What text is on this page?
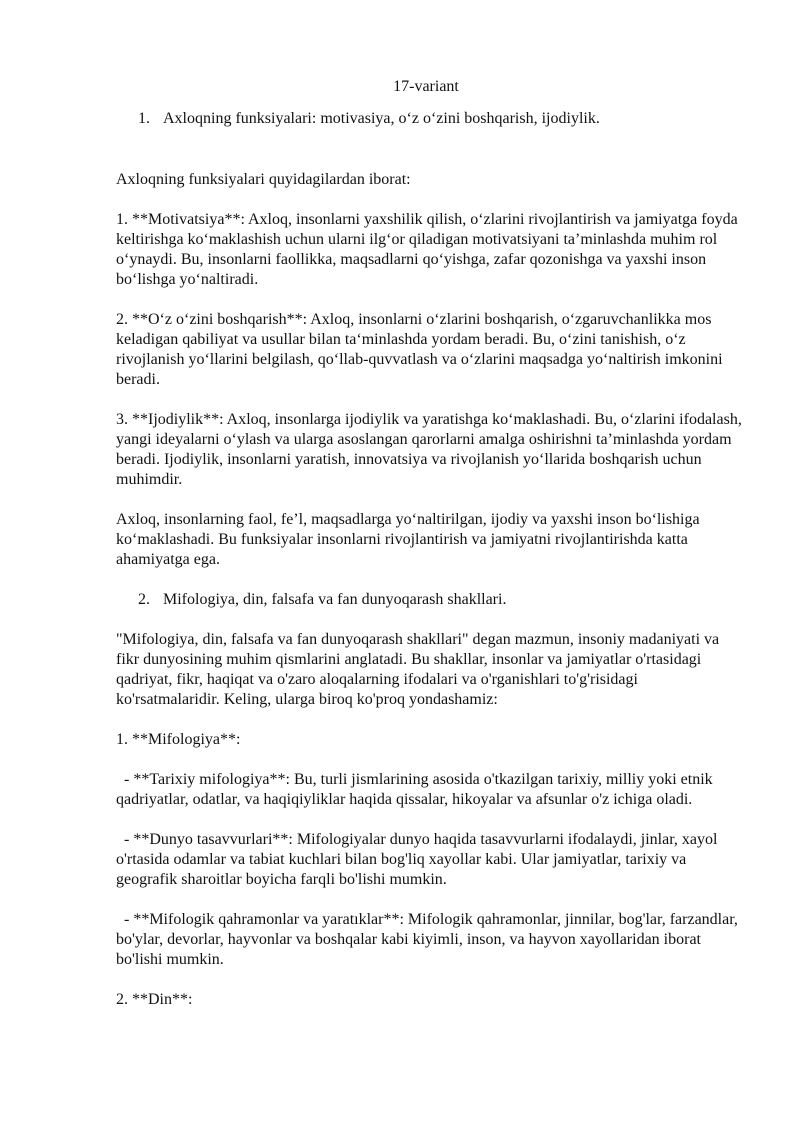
17-variant

1. Axloqning funksiyalari: motivasiya, o‘z o‘zini boshqarish, ijodiylik.

Axloqning funksiyalari quyidagilardan iborat:

1. **Motivatsiya**: Axloq, insonlarni yaxshilik qilish, o‘zlarini rivojlantirish va jamiyatga foyda keltirishga ko‘maklashish uchun ularni ilg‘or qiladigan motivatsiyani ta’minlashda muhim rol o‘ynaydi. Bu, insonlarni faollikka, maqsadlarni qo‘yishga, zafar qozonishga va yaxshi inson bo‘lishga yo‘naltiradi.

2. **O‘z o‘zini boshqarish**: Axloq, insonlarni o‘zlarini boshqarish, o‘zgaruvchanlikka mos keladigan qabiliyat va usullar bilan ta‘minlashda yordam beradi. Bu, o‘zini tanishish, o‘z rivojlanish yo‘llarini belgilash, qo‘llab-quvvatlash va o‘zlarini maqsadga yo‘naltirish imkonini beradi.

3. **Ijodiylik**: Axloq, insonlarga ijodiylik va yaratishga ko‘maklashadi. Bu, o‘zlarini ifodalash, yangi ideyalarni o‘ylash va ularga asoslangan qarorlarni amalga oshirishni ta’minlashda yordam beradi. Ijodiylik, insonlarni yaratish, innovatsiya va rivojlanish yo‘llarida boshqarish uchun muhimdir.

Axloq, insonlarning faol, fe’l, maqsadlarga yo‘naltirilgan, ijodiy va yaxshi inson bo‘lishiga ko‘maklashadi. Bu funksiyalar insonlarni rivojlantirish va jamiyatni rivojlantirishda katta ahamiyatga ega.

2. Mifologiya, din, falsafa va fan dunyoqarash shakllari.

"Mifologiya, din, falsafa va fan dunyoqarash shakllari" degan mazmun, insoniy madaniyati va fikr dunyosining muhim qismlarini anglatadi. Bu shakllar, insonlar va jamiyatlar o'rtasidagi qadriyat, fikr, haqiqat va o'zaro aloqalarning ifodalari va o'rganishlari to'g'risidagi ko'rsatmalaridir. Keling, ularga biroq ko'proq yondashamiz:

1. **Mifologiya**:

- **Tarixiy mifologiya**: Bu, turli jismlarining asosida o'tkazilgan tarixiy, milliy yoki etnik qadriyatlar, odatlar, va haqiqiyliklar haqida qissalar, hikoyalar va afsunlar o'z ichiga oladi.

- **Dunyo tasavvurlari**: Mifologiyalar dunyo haqida tasavvurlarni ifodalaydi, jinlar, xayol o'rtasida odamlar va tabiat kuchlari bilan bog'liq xayollar kabi. Ular jamiyatlar, tarixiy va geografik sharoitlar boyicha farqli bo'lishi mumkin.

- **Mifologik qahramonlar va yaratıklar**: Mifologik qahramonlar, jinnilar, bog'lar, farzandlar, bo'ylar, devorlar, hayvonlar va boshqalar kabi kiyimli, inson, va hayvon xayollaridan iborat bo'lishi mumkin.

2. **Din**:
